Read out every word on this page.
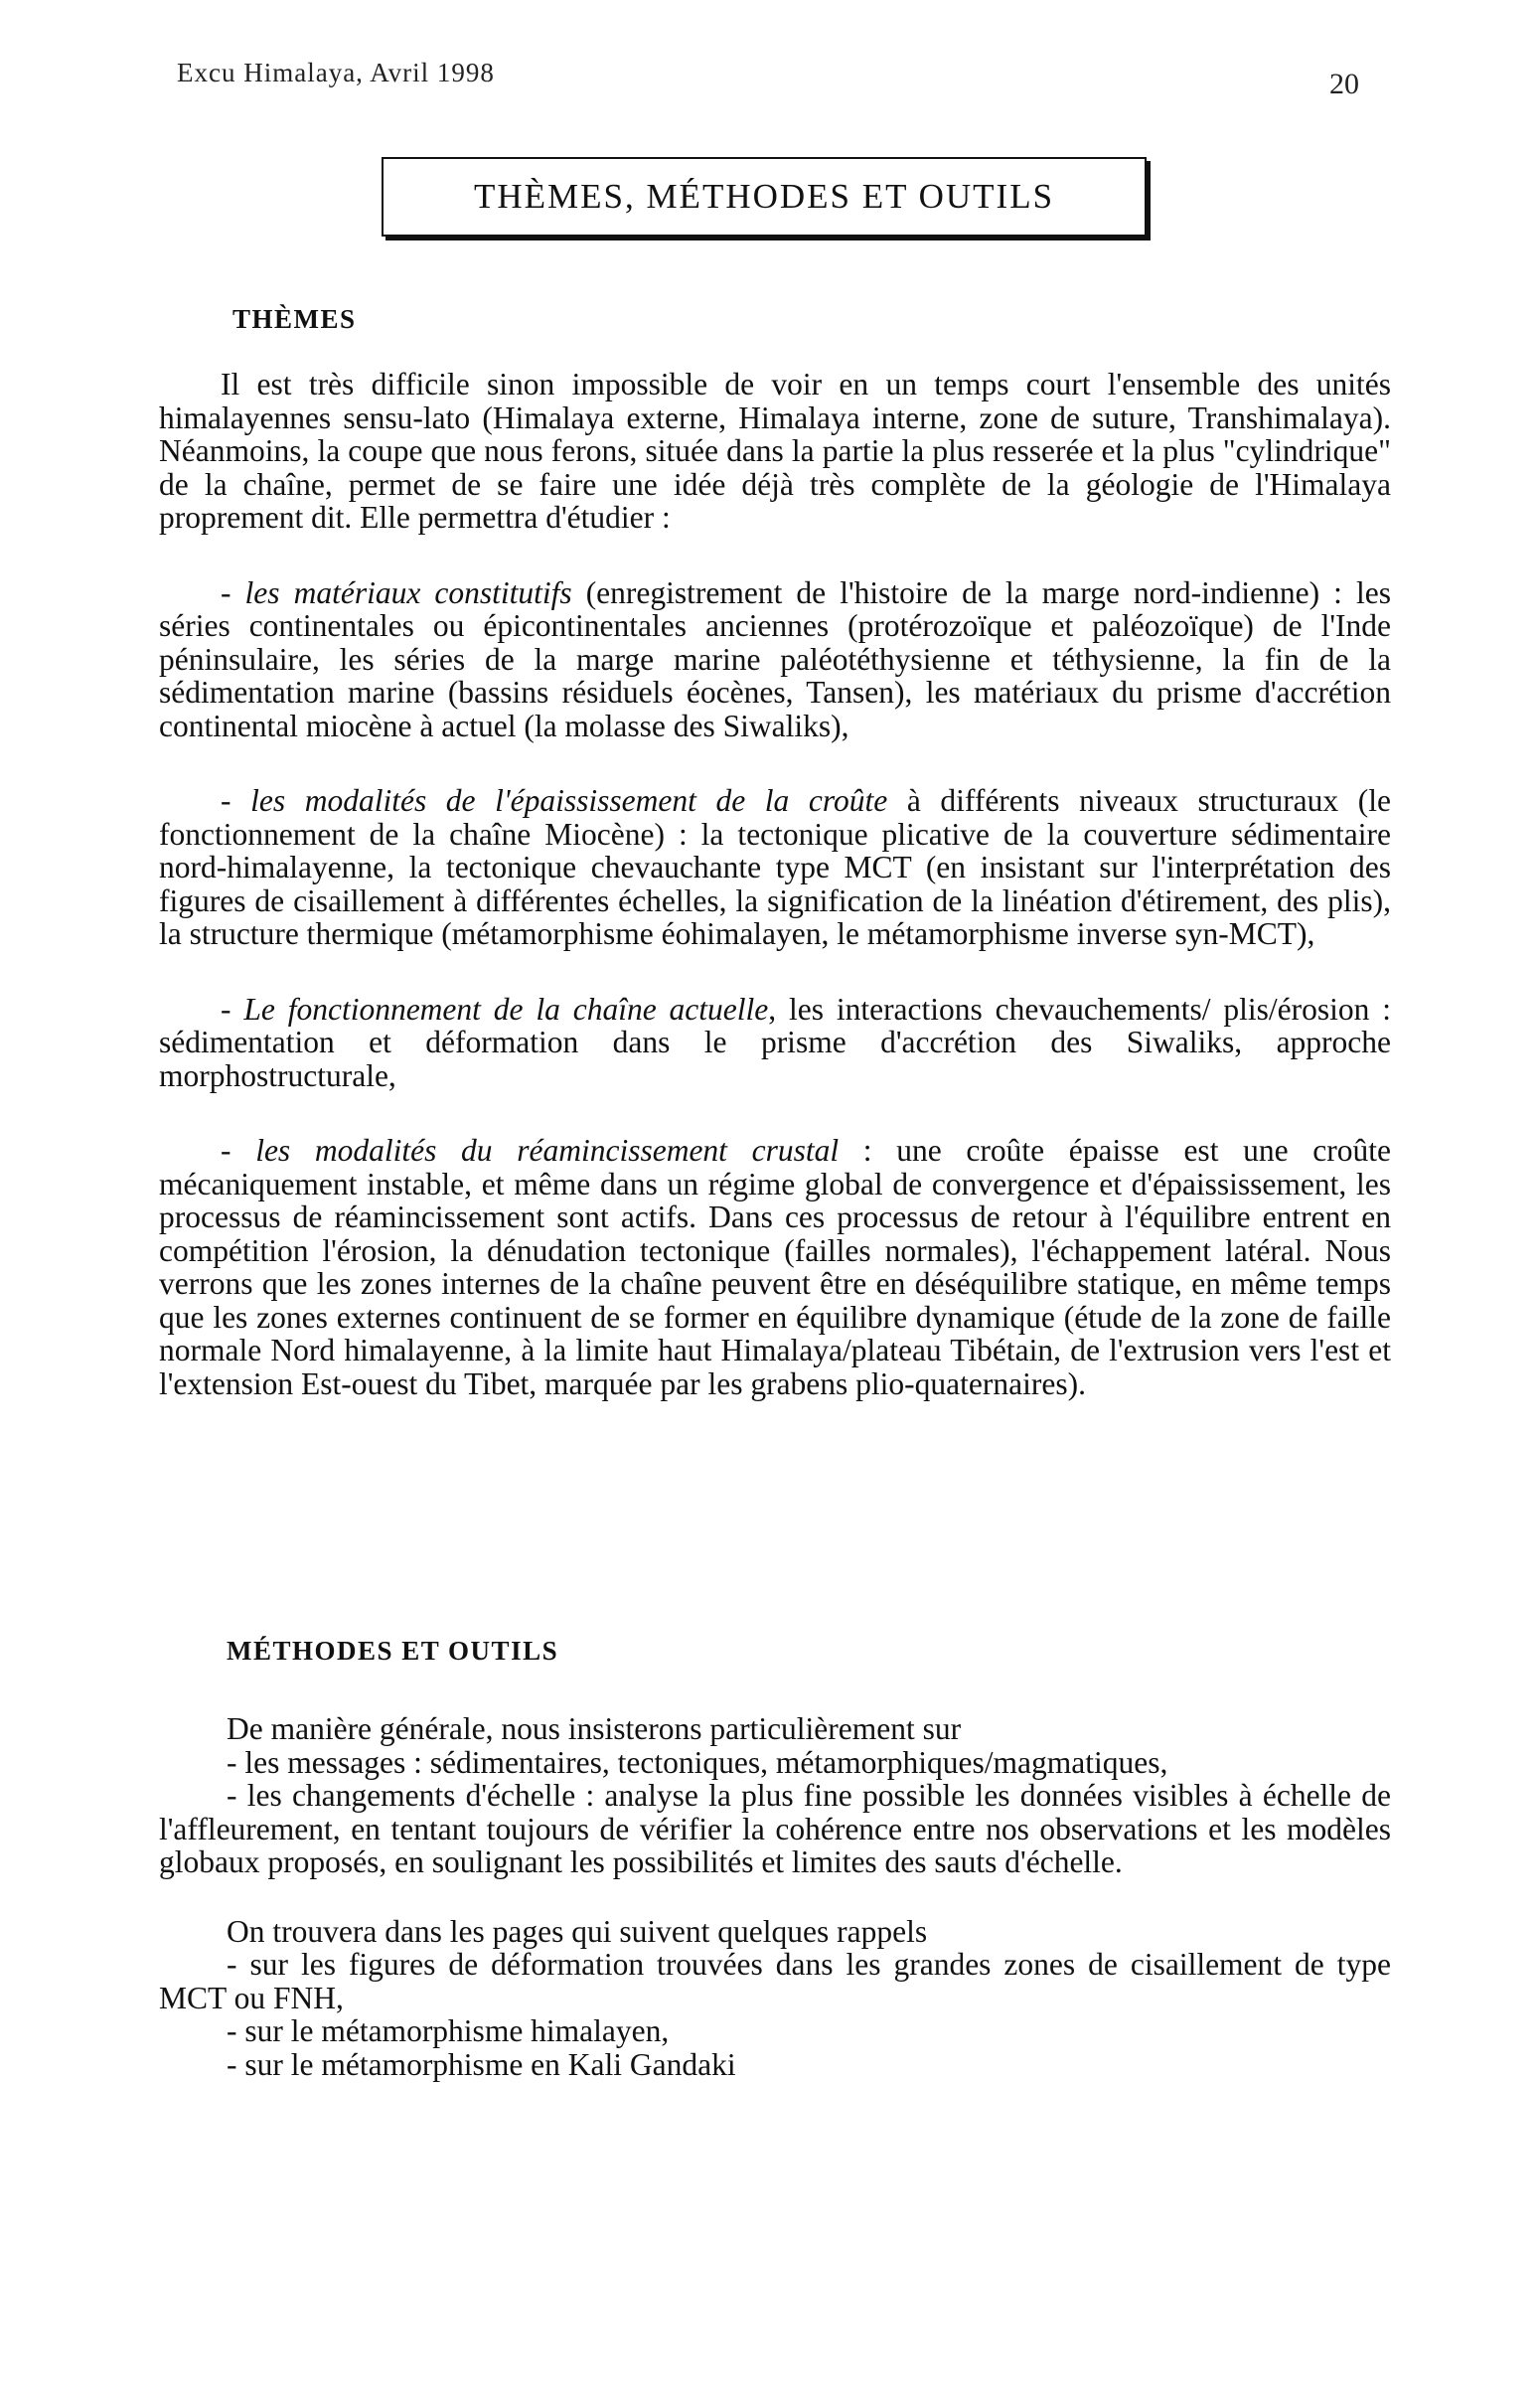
Excu Himalaya, Avril 1998	20
THÈMES, MÉTHODES ET OUTILS
THÈMES

Il est très difficile sinon impossible de voir en un temps court l'ensemble des unités himalayennes sensu-lato (Himalaya externe, Himalaya interne, zone de suture, Transhimalaya). Néanmoins, la coupe que nous ferons, située dans la partie la plus resserée et la plus "cylindrique" de la chaîne, permet de se faire une idée déjà très complète de la géologie de l'Himalaya proprement dit. Elle permettra d'étudier :

- les matériaux constitutifs (enregistrement de l'histoire de la marge nord-indienne) : les séries continentales ou épicontinentales anciennes (protérozoïque et paléozoïque) de l'Inde péninsulaire, les séries de la marge marine paléotéthysienne et téthysienne, la fin de la sédimentation marine (bassins résiduels éocènes, Tansen), les matériaux du prisme d'accrétion continental miocène à actuel (la molasse des Siwaliks),

- les modalités de l'épaississement de la croûte à différents niveaux structuraux (le fonctionnement de la chaîne Miocène) : la tectonique plicative de la couverture sédimentaire nord-himalayenne, la tectonique chevauchante type MCT (en insistant sur l'interprétation des figures de cisaillement à différentes échelles, la signification de la linéation d'étirement, des plis), la structure thermique (métamorphisme éohimalayen, le métamorphisme inverse syn-MCT),

- Le fonctionnement de la chaîne actuelle, les interactions chevauchements/ plis/érosion : sédimentation et déformation dans le prisme d'accrétion des Siwaliks, approche morphostructurale,

- les modalités du réamincissement crustal : une croûte épaisse est une croûte mécaniquement instable, et même dans un régime global de convergence et d'épaississement, les processus de réamincissement sont actifs. Dans ces processus de retour à l'équilibre entrent en compétition l'érosion, la dénudation tectonique (failles normales), l'échappement latéral. Nous verrons que les zones internes de la chaîne peuvent être en déséquilibre statique, en même temps que les zones externes continuent de se former en équilibre dynamique (étude de la zone de faille normale Nord himalayenne, à la limite haut Himalaya/plateau Tibétain, de l'extrusion vers l'est et l'extension Est-ouest du Tibet, marquée par les grabens plio-quaternaires).

MÉTHODES ET OUTILS
De manière générale, nous insisterons particulièrement sur
- les messages : sédimentaires, tectoniques, métamorphiques/magmatiques,

- les changements d'échelle : analyse la plus fine possible les données visibles à échelle de l'affleurement, en tentant toujours de vérifier la cohérence entre nos observations et les modèles globaux proposés, en soulignant les possibilités et limites des sauts d'échelle.

On trouvera dans les pages qui suivent quelques rappels

- sur les figures de déformation trouvées dans les grandes zones de cisaillement de type MCT ou FNH,

- sur le métamorphisme himalayen,
- sur le métamorphisme en Kali Gandaki
